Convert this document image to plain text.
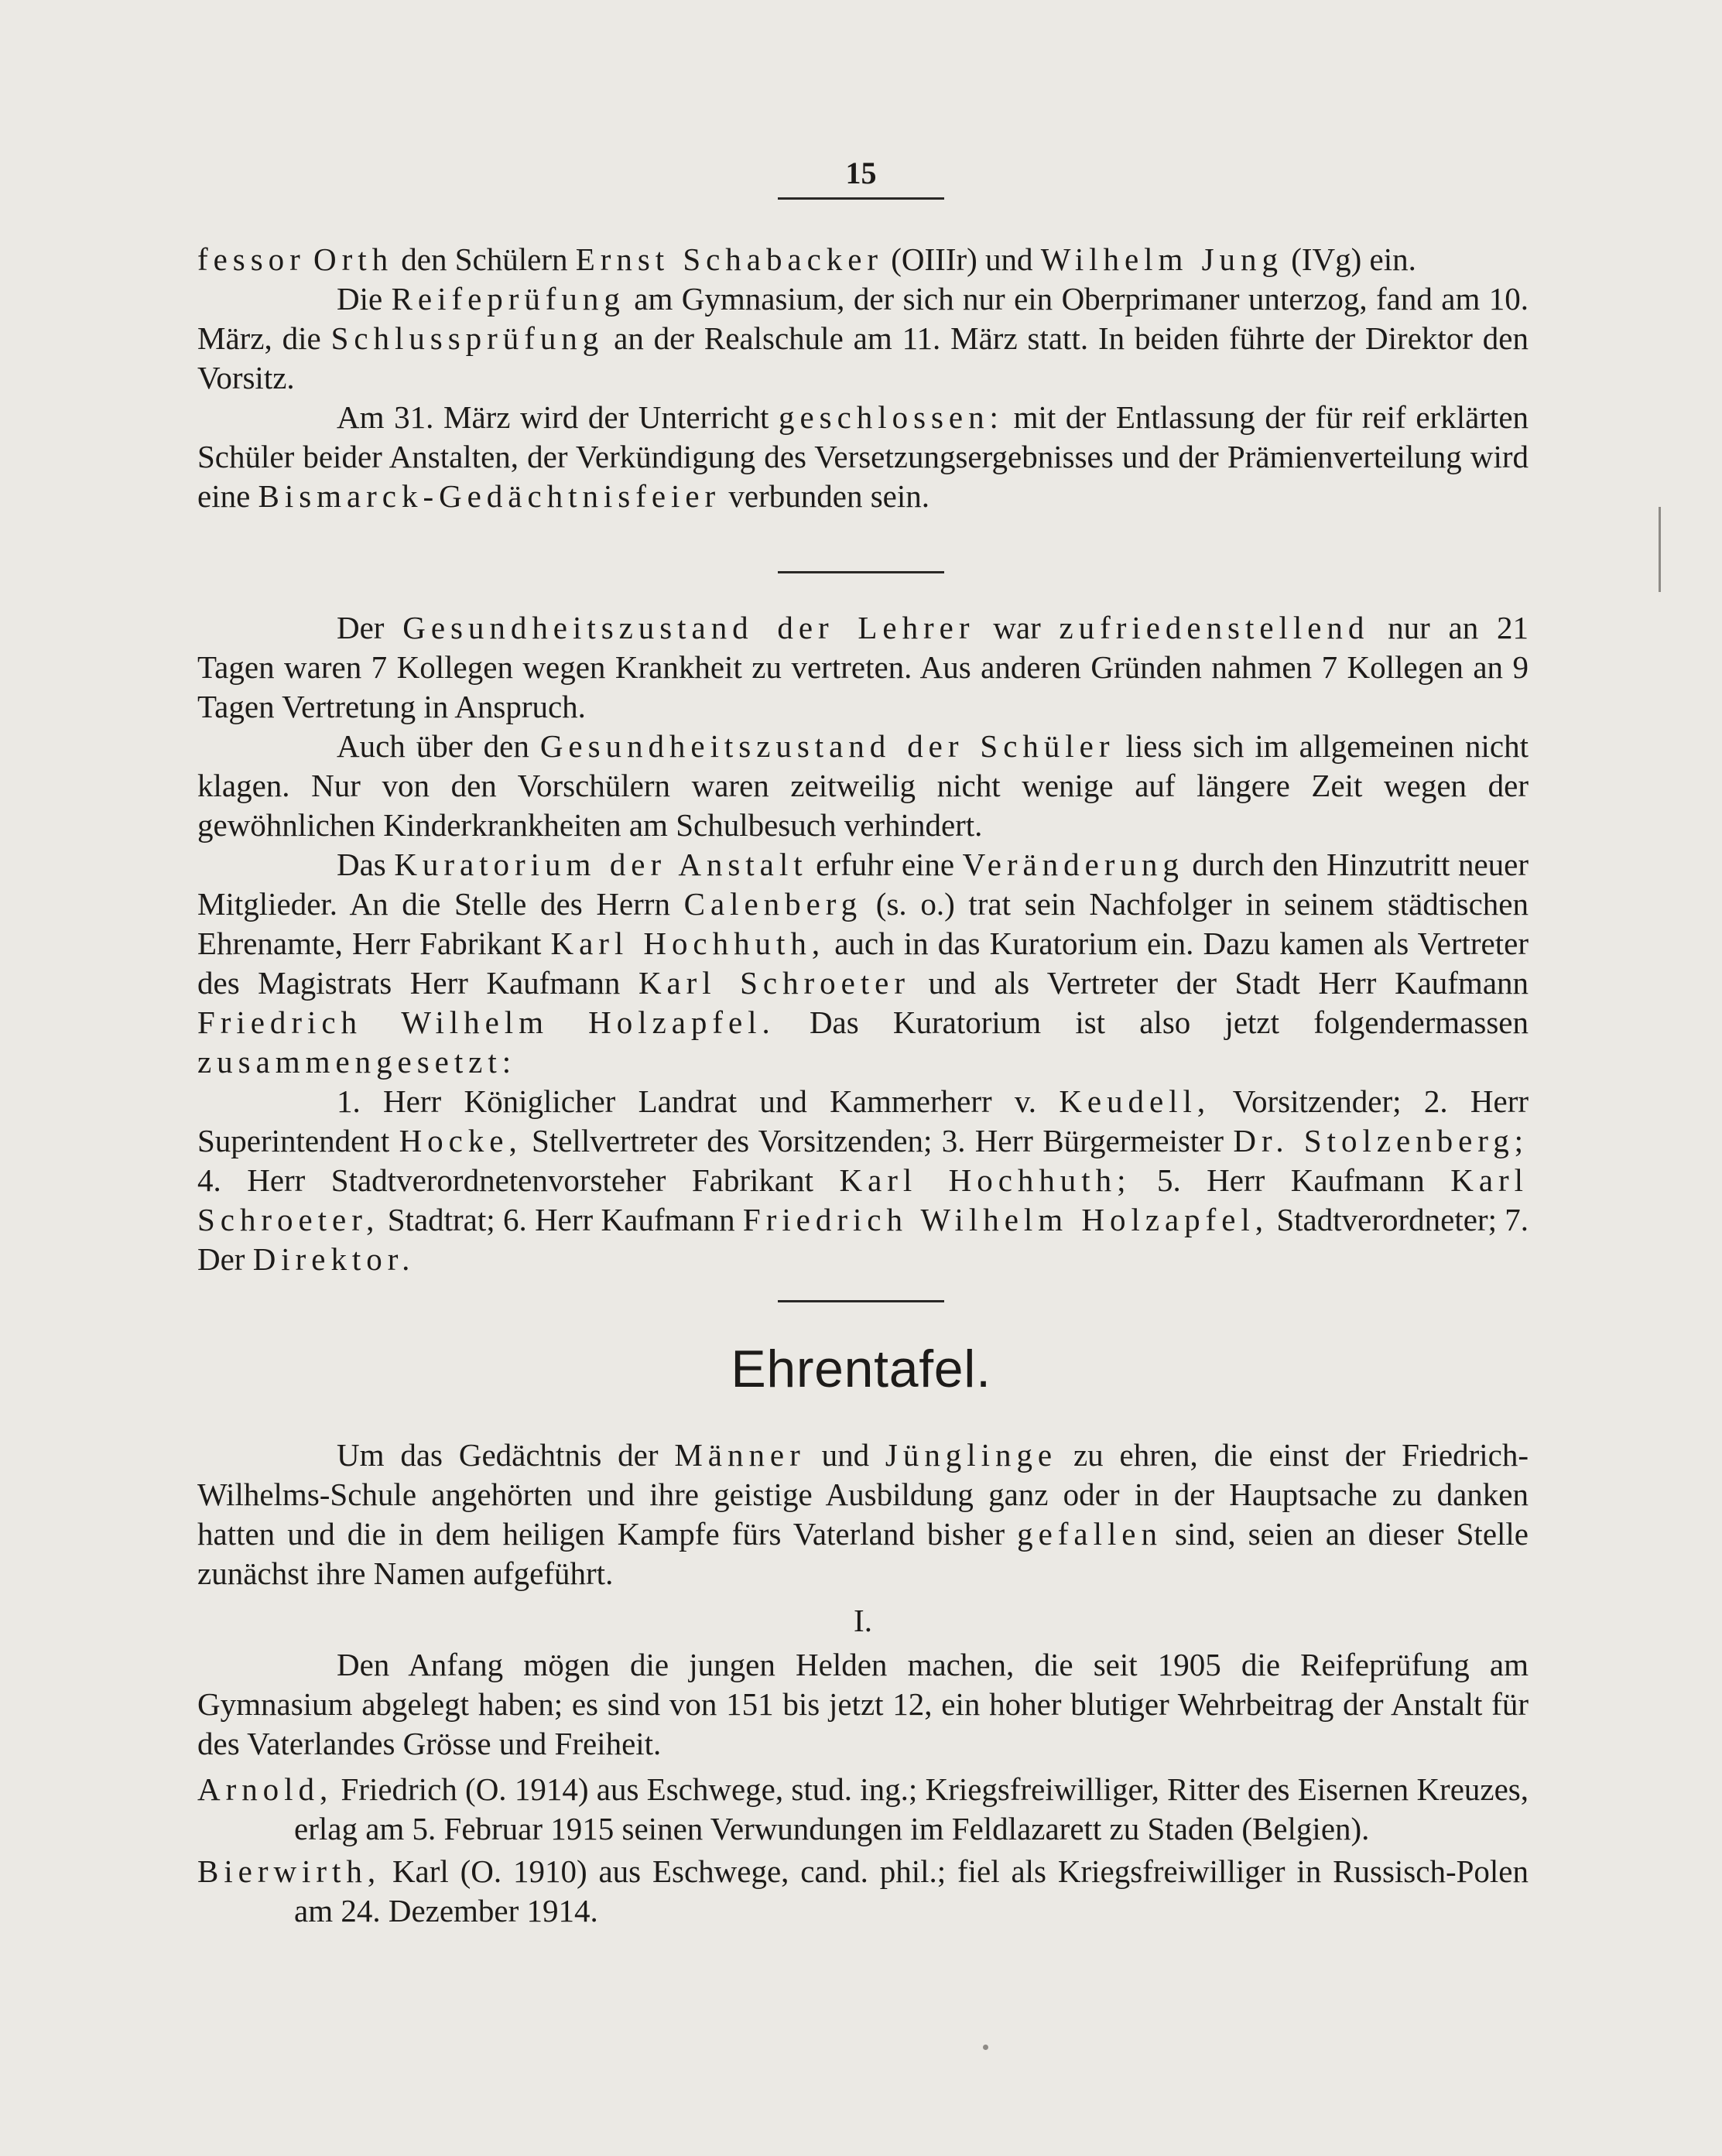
15

fessor Orth den Schülern Ernst Schabacker (OIIIr) und Wilhelm Jung (IVg) ein.

Die Reifeprüfung am Gymnasium, der sich nur ein Oberprimaner unterzog, fand am 10. März, die Schlussprüfung an der Realschule am 11. März statt. In beiden führte der Direktor den Vorsitz.

Am 31. März wird der Unterricht geschlossen: mit der Entlassung der für reif erklärten Schüler beider Anstalten, der Verkündigung des Versetzungsergebnisses und der Prämienverteilung wird eine Bismarck-Gedächtnisfeier verbunden sein.

Der Gesundheitszustand der Lehrer war zufriedenstellend nur an 21 Tagen waren 7 Kollegen wegen Krankheit zu vertreten. Aus anderen Gründen nahmen 7 Kollegen an 9 Tagen Vertretung in Anspruch.

Auch über den Gesundheitszustand der Schüler liess sich im allgemeinen nicht klagen. Nur von den Vorschülern waren zeitweilig nicht wenige auf längere Zeit wegen der gewöhnlichen Kinderkrankheiten am Schulbesuch verhindert.

Das Kuratorium der Anstalt erfuhr eine Veränderung durch den Hinzutritt neuer Mitglieder. An die Stelle des Herrn Calenberg (s. o.) trat sein Nachfolger in seinem städtischen Ehrenamte, Herr Fabrikant Karl Hochhuth, auch in das Kuratorium ein. Dazu kamen als Vertreter des Magistrats Herr Kaufmann Karl Schroeter und als Vertreter der Stadt Herr Kaufmann Friedrich Wilhelm Holzapfel. Das Kuratorium ist also jetzt folgendermassen zusammengesetzt:

1. Herr Königlicher Landrat und Kammerherr v. Keudell, Vorsitzender; 2. Herr Superintendent Hocke, Stellvertreter des Vorsitzenden; 3. Herr Bürgermeister Dr. Stolzenberg; 4. Herr Stadtverordnetenvorsteher Fabrikant Karl Hochhuth; 5. Herr Kaufmann Karl Schroeter, Stadtrat; 6. Herr Kaufmann Friedrich Wilhelm Holzapfel, Stadtverordneter; 7. Der Direktor.

Ehrentafel.

Um das Gedächtnis der Männer und Jünglinge zu ehren, die einst der Friedrich-Wilhelms-Schule angehörten und ihre geistige Ausbildung ganz oder in der Hauptsache zu danken hatten und die in dem heiligen Kampfe fürs Vaterland bisher gefallen sind, seien an dieser Stelle zunächst ihre Namen aufgeführt.

I.

Den Anfang mögen die jungen Helden machen, die seit 1905 die Reifeprüfung am Gymnasium abgelegt haben; es sind von 151 bis jetzt 12, ein hoher blutiger Wehrbeitrag der Anstalt für des Vaterlandes Grösse und Freiheit.

Arnold, Friedrich (O. 1914) aus Eschwege, stud. ing.; Kriegsfreiwilliger, Ritter des Eisernen Kreuzes, erlag am 5. Februar 1915 seinen Verwundungen im Feldlazarett zu Staden (Belgien).

Bierwirth, Karl (O. 1910) aus Eschwege, cand. phil.; fiel als Kriegsfreiwilliger in Russisch-Polen am 24. Dezember 1914.
